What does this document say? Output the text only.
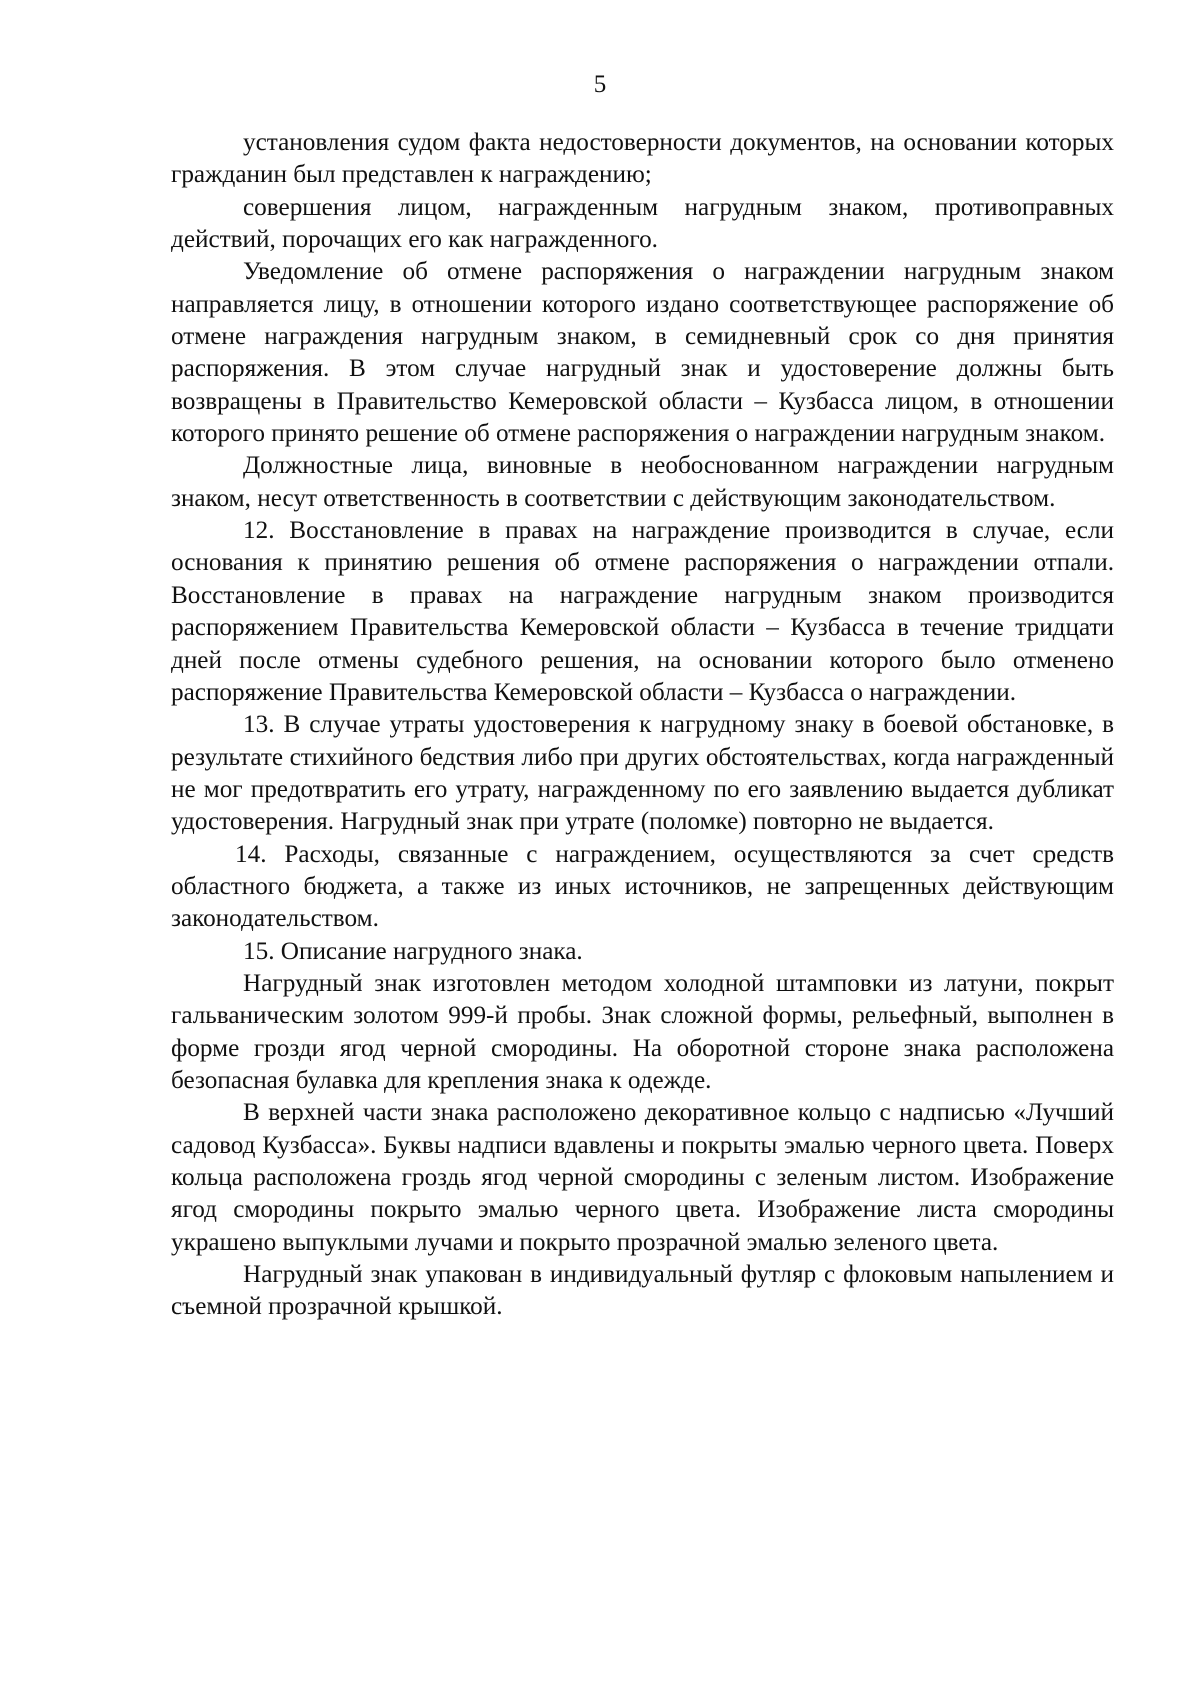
5

установления судом факта недостоверности документов, на основании которых гражданин был представлен к награждению;

совершения лицом, награжденным нагрудным знаком, противоправных действий, порочащих его как награжденного.

Уведомление об отмене распоряжения о награждении нагрудным знаком направляется лицу, в отношении которого издано соответствующее распоряжение об отмене награждения нагрудным знаком, в семидневный срок со дня принятия распоряжения. В этом случае нагрудный знак и удостоверение должны быть возвращены в Правительство Кемеровской области – Кузбасса лицом, в отношении которого принято решение об отмене распоряжения о награждении нагрудным знаком.

Должностные лица, виновные в необоснованном награждении нагрудным знаком, несут ответственность в соответствии с действующим законодательством.

12. Восстановление в правах на награждение производится в случае, если основания к принятию решения об отмене распоряжения о награждении отпали. Восстановление в правах на награждение нагрудным знаком производится распоряжением Правительства Кемеровской области – Кузбасса в течение тридцати дней после отмены судебного решения, на основании которого было отменено распоряжение Правительства Кемеровской области – Кузбасса о награждении.

13. В случае утраты удостоверения к нагрудному знаку в боевой обстановке, в результате стихийного бедствия либо при других обстоятельствах, когда награжденный не мог предотвратить его утрату, награжденному по его заявлению выдается дубликат удостоверения. Нагрудный знак при утрате (поломке) повторно не выдается.

14. Расходы, связанные с награждением, осуществляются за счет средств областного бюджета, а также из иных источников, не запрещенных действующим законодательством.

15. Описание нагрудного знака.

Нагрудный знак изготовлен методом холодной штамповки из латуни, покрыт гальваническим золотом 999-й пробы. Знак сложной формы, рельефный, выполнен в форме грозди ягод черной смородины. На оборотной стороне знака расположена безопасная булавка для крепления знака к одежде.

В верхней части знака расположено декоративное кольцо с надписью «Лучший садовод Кузбасса». Буквы надписи вдавлены и покрыты эмалью черного цвета. Поверх кольца расположена гроздь ягод черной смородины с зеленым листом. Изображение ягод смородины покрыто эмалью черного цвета. Изображение листа смородины украшено выпуклыми лучами и покрыто прозрачной эмалью зеленого цвета.

Нагрудный знак упакован в индивидуальный футляр с флоковым напылением и съемной прозрачной крышкой.
